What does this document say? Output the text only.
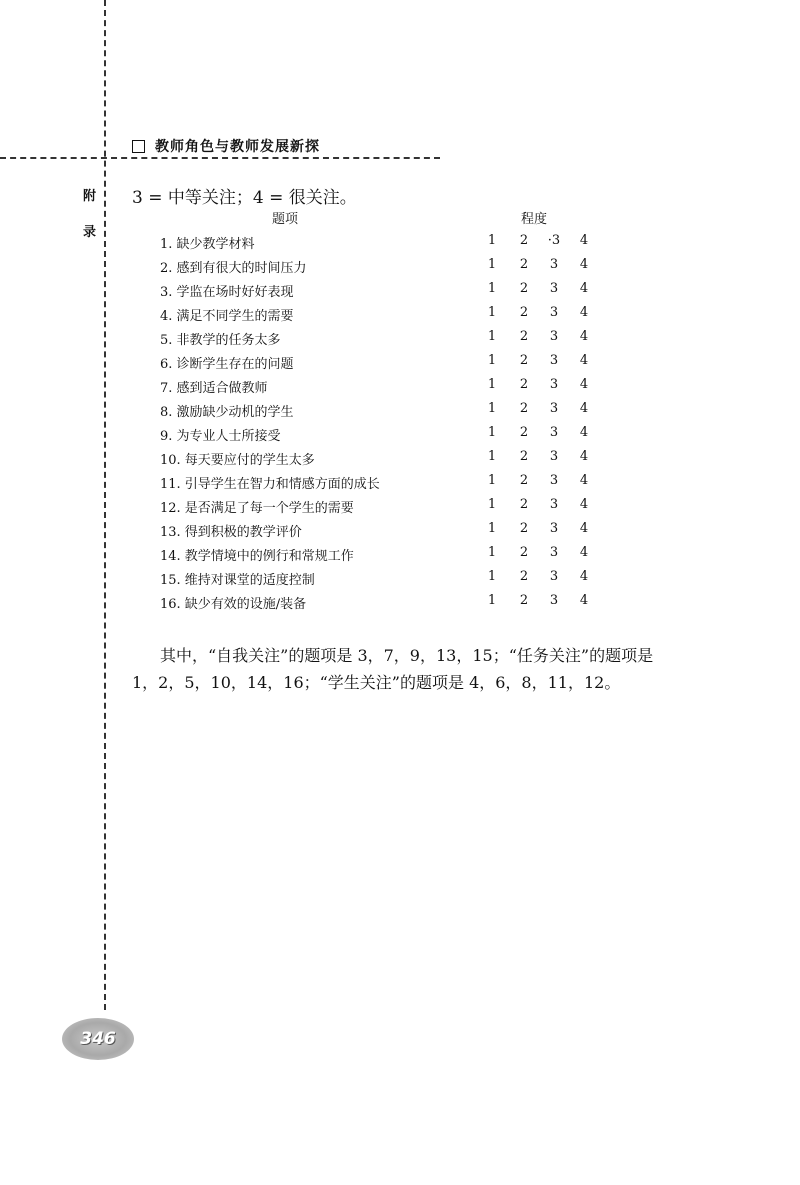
教师角色与教师发展新探
附
录
3 = 中等关注；4 = 很关注。
题项	程度
1. 缺少教学材料	1 2 ·3 4
2. 感到有很大的时间压力	1 2 3 4
3. 学监在场时好好表现	1 2 3 4
4. 满足不同学生的需要	1 2 3 4
5. 非教学的任务太多	1 2 3 4
6. 诊断学生存在的问题	1 2 3 4
7. 感到适合做教师	1 2 3 4
8. 激励缺少动机的学生	1 2 3 4
9. 为专业人士所接受	1 2 3 4
10. 每天要应付的学生太多	1 2 3 4
11. 引导学生在智力和情感方面的成长	1 2 3 4
12. 是否满足了每一个学生的需要	1 2 3 4
13. 得到积极的教学评价	1 2 3 4
14. 教学情境中的例行和常规工作	1 2 3 4
15. 维持对课堂的适度控制	1 2 3 4
16. 缺少有效的设施/装备	1 2 3 4
其中，“自我关注”的题项是 3，7，9，13，15；“任务关注”的题项是 1，2，5，10，14，16；“学生关注”的题项是 4，6，8，11，12。
346
